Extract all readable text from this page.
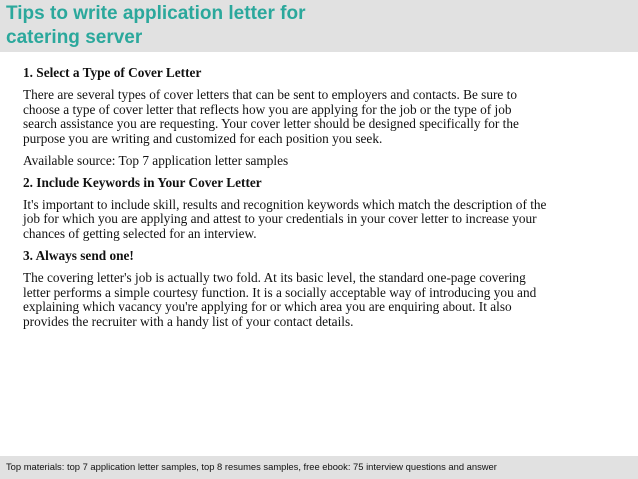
Tips to write application letter for
catering server
1. Select a Type of Cover Letter
There are several types of cover letters that can be sent to employers and contacts. Be sure to
choose a type of cover letter that reflects how you are applying for the job or the type of job
search assistance you are requesting. Your cover letter should be designed specifically for the
purpose you are writing and customized for each position you seek.
Available source: Top 7 application letter samples
2. Include Keywords in Your Cover Letter
It's important to include skill, results and recognition keywords which match the description of the
job for which you are applying and attest to your credentials in your cover letter to increase your
chances of getting selected for an interview.
3. Always send one!
The covering letter's job is actually two fold. At its basic level, the standard one-page covering
letter performs a simple courtesy function. It is a socially acceptable way of introducing you and
explaining which vacancy you're applying for or which area you are enquiring about. It also
provides the recruiter with a handy list of your contact details.
Top materials: top 7 application letter samples, top 8 resumes samples, free ebook: 75 interview questions and answer
